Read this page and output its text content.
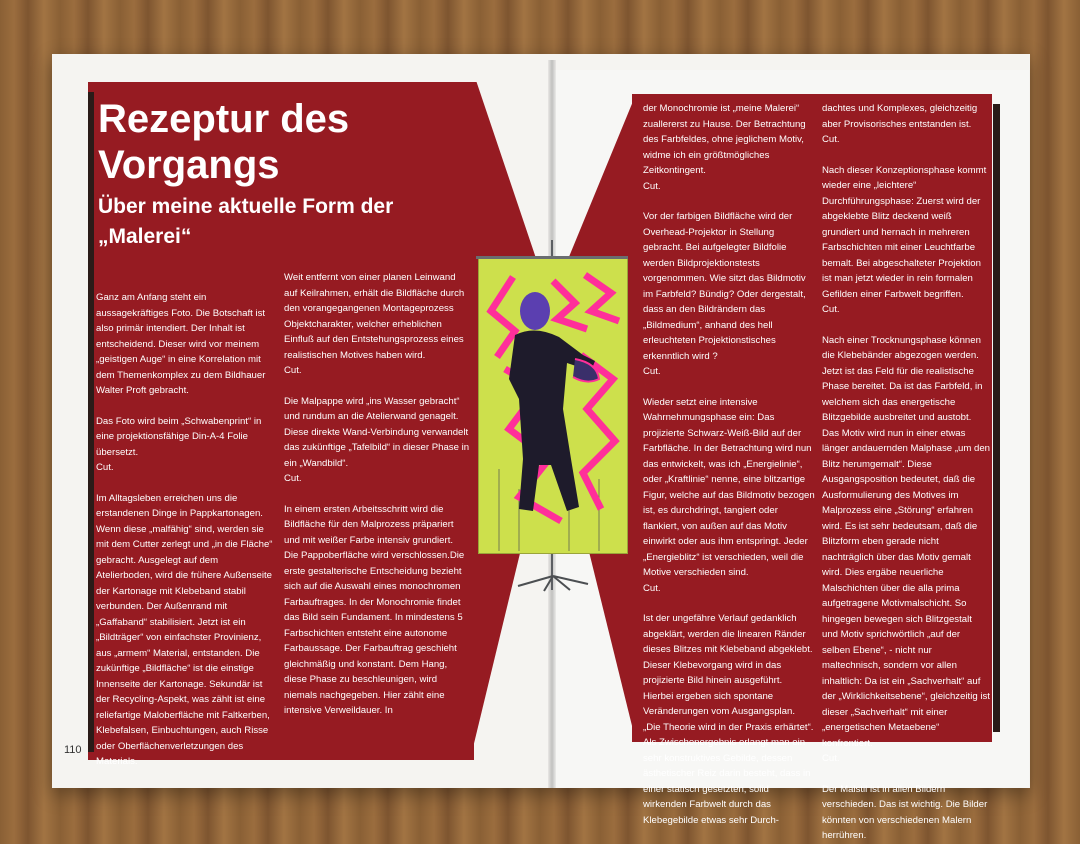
Rezeptur des Vorgangs
Über meine aktuelle Form der „Malerei“

Ganz am Anfang steht ein aussagekräftiges Foto. Die Botschaft ist also primär intendiert. Der Inhalt ist entscheidend. Dieser wird vor meinem „geistigen Auge“ in eine Korrelation mit dem Themenkomplex zu dem Bildhauer Walter Proft gebracht.

Das Foto wird beim „Schwabenprint“ in eine projektionsfähige Din-A-4 Folie übersetzt.
Cut.

Im Alltagsleben erreichen uns die erstandenen Dinge in Pappkartonagen. Wenn diese „malfähig“ sind, werden sie mit dem Cutter zerlegt und „in die Fläche“ gebracht. Ausgelegt auf dem Atelierboden, wird die frühere Außenseite der Kartonage mit Klebeband stabil verbunden. Der Außenrand mit „Gaffaband“ stabilisiert. Jetzt ist ein „Bildträger“ von einfachster Provinienz, aus „armem“ Material, entstanden. Die zukünftige „Bildfläche“ ist die einstige Innenseite der Kartonage. Sekundär ist der Recycling-Aspekt, was zählt ist eine reliefartige Maloberfläche mit Faltkerben, Klebefalsen, Einbuchtungen, auch Risse oder Oberflächenverletzungen des Materials.

Weit entfernt von einer planen Leinwand auf Keilrahmen, erhält die Bildfläche durch den vorangegangenen Montageprozess Objektcharakter, welcher erheblichen Einfluß auf den Entstehungsprozess eines realistischen Motives haben wird.
Cut.

Die Malpappe wird „ins Wasser gebracht“ und rundum an die Atelierwand genagelt. Diese direkte Wand-Verbindung verwandelt das zukünftige „Tafelbild“ in dieser Phase in ein „Wandbild“.
Cut.

In einem ersten Arbeitsschritt wird die Bildfläche für den Malprozess präpariert und mit weißer Farbe intensiv grundiert. Die Pappoberfläche wird verschlossen.Die erste gestalterische Entscheidung bezieht sich auf die Auswahl eines monochromen Farbauftrages. In der Monochromie findet das Bild sein Fundament. In mindestens 5 Farbschichten entsteht eine autonome Farbaussage. Der Farbauftrag geschieht gleichmäßig und konstant. Dem Hang, diese Phase zu beschleunigen, wird niemals nachgegeben. Hier zählt eine intensive Verweildauer. In

der Monochromie ist „meine Malerei“ zuallererst zu Hause. Der Betrachtung des Farbfeldes, ohne jeglichem Motiv, widme ich ein größtmögliches Zeitkontingent.
Cut.

Vor der farbigen Bildfläche wird der Overhead-Projektor in Stellung gebracht. Bei aufgelegter Bildfolie werden Bildprojektionstests vorgenommen. Wie sitzt das Bildmotiv im Farbfeld? Bündig? Oder dergestalt, dass an den Bildrändern das „Bildmedium“, anhand des hell erleuchteten Projektionstisches erkenntlich wird ?
Cut.

Wieder setzt eine intensive Wahrnehmungsphase ein: Das projizierte Schwarz-Weiß-Bild auf der Farbfläche. In der Betrachtung wird nun das entwickelt, was ich „Energielinie“, oder „Kraftlinie“ nenne, eine blitzartige Figur, welche auf das Bildmotiv bezogen ist, es durchdringt, tangiert oder flankiert, von außen auf das Motiv einwirkt oder aus ihm entspringt. Jeder „Energieblitz“ ist verschieden, weil die Motive verschieden sind.
Cut.

Ist der ungefähre Verlauf gedanklich abgeklärt, werden die linearen Ränder dieses Blitzes mit Klebeband abgeklebt. Dieser Klebevorgang wird in das projizierte Bild hinein ausgeführt. Hierbei ergeben sich spontane Veränderungen vom Ausgangsplan. „Die Theorie wird in der Praxis erhärtet“. Als Zwischenergebnis erlangt man ein sehr konstruktives Gebilde, dessen ästhetischer Reiz darin besteht, dass in einer statisch gesetzten, solid wirkenden Farbwelt durch das Klebegebilde etwas sehr Durch-

dachtes und Komplexes, gleichzeitig aber Provisorisches entstanden ist.
Cut.

Nach dieser Konzeptionsphase kommt wieder eine „leichtere“ Durchführungsphase: Zuerst wird der abgeklebte Blitz deckend weiß grundiert und hernach in mehreren Farbschichten mit einer Leuchtfarbe bemalt. Bei abgeschalteter Projektion ist man jetzt wieder in rein formalen Gefilden einer Farbwelt begriffen.
Cut.

Nach einer Trocknungsphase können die Klebebänder abgezogen werden. Jetzt ist das Feld für die realistische Phase bereitet. Da ist das Farbfeld, in welchem sich das energetische Blitzgebilde ausbreitet und austobt. Das Motiv wird nun in einer etwas länger andauernden Malphase „um den Blitz herumgemalt“. Diese Ausgangsposition bedeutet, daß die Ausformulierung des Motives im Malprozess eine „Störung“ erfahren wird. Es ist sehr bedeutsam, daß die Blitzform eben gerade nicht nachträglich über das Motiv gemalt wird. Dies ergäbe neuerliche Malschichten über die alla prima aufgetragene Motivmalschicht. So hingegen bewegen sich Blitzgestalt und Motiv sprichwörtlich „auf der selben Ebene“, - nicht nur maltechnisch, sondern vor allen inhaltlich: Da ist ein „Sachverhalt“ auf der „Wirklichkeitsebene“, gleichzeitig ist dieser „Sachverhalt“ mit einer „energetischen Metaebene“ konfrontiert.
Cut.

Der Malstil ist in allen Bildern verschieden. Das ist wichtig. Die Bilder könnten von verschiedenen Malern herrühren.

110
